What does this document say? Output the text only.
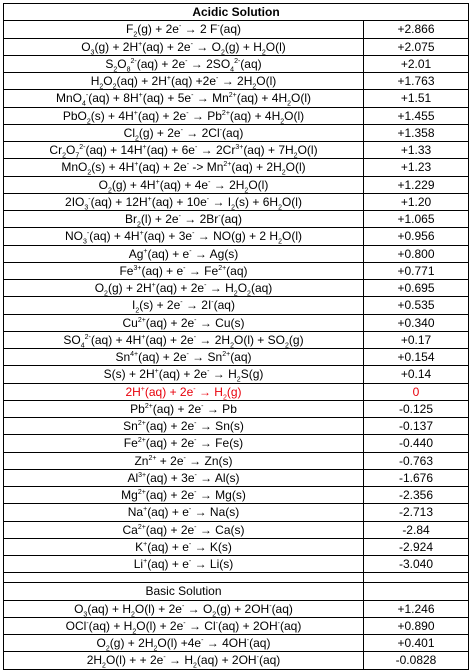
Acidic Solution	
$F_2(g) + 2e^- \to 2$ F-(aq)	+2.866
$O_3(g) + 2H^+(aq) + 2e^- \to O_2(g) + H_2O(l)$	+2.075
$S_2O_8^{2-}(aq) + 2e^- \to 2SO_4^{2-}(aq)$	+2.01
$H_2O_2(aq) + 2H^+(aq) +2e^- \to 2H_2O(l)$	+1.763
$MnO_4^-(aq) + 8H^+(aq) + 5e^- \to Mn^{2+}(aq) + 4H_2O(l)$	+1.51
$PbO_2(s) + 4H^+(aq) + 2e^- \to Pb^{2+}(aq) + 4H_2O(l)$	+1.455
$Cl_2(g) + 2e^- \to 2Cl^-(aq)$	+1.358
$Cr_2O_7^{2-}(aq) + 14H^+(aq) + 6e^- \to 2Cr^{3+}(aq) + 7H_2O(l)$	+1.33
$MnO_2(s) + 4H^+(aq) + 2e^- -> Mn^{2+}(aq) + 2H_2O(l)$	+1.23
$O_2(g) + 4H^+(aq) + 4e^- \to 2H_2O(l)$	+1.229
$2IO_3^-(aq) + 12H^+(aq) + 10e^- \to I_2(s) + 6H_2O(l)$	+1.20
$Br_2(l) + 2e^- \to 2Br^-(aq)$	+1.065
$NO_3^-(aq) + 4H^+(aq) + 3e^- \to NO(g) + 2$ $H_2O(l)$	+0.956
Ag+(aq) + e- → Ag(s)	+0.800
$Fe^{3+}(aq) + e^- \to Fe^{2+}(aq)$	+0.771
$O_2(g) + 2H^+(aq) + 2e^- \to H_2O_2(aq)$	+0.695
$I_2(s) + 2e^- \to 2I^-(aq)$	+0.535
$Cu^{2+}(aq) + 2e^- \to Cu(s)$	+0.340
$SO_4^{2-}(aq) + 4H^+(aq) + 2e^- \to 2H_2O(l) + SO_2(g)$	+0.17
$Sn^{4+}(aq) + 2e^- \to Sn^{2+}(aq)$	+0.154
$S(s) + 2H^+(aq) + 2e^- \to H_2S(g)$	+0.14
$2H^+(aq) + 2e^- \to H_2(g)$	0
$Pb^{2+}(aq) + 2e^- \to Pb$	-0.125
$Sn^{2+}(aq) + 2e^- \to Sn(s)$	-0.137
$Fe^{2+}(aq) + 2e^- \to Fe(s)$	-0.440
$Zn^{2+} + 2e^- \to Zn(s)$	-0.763
$Al^{3+}(aq) + 3e^- \to Al(s)$	-1.676
$Mg^{2+}(aq) + 2e^- \to Mg(s)$	-2.356
Na+(aq) + e- → Na(s)	-2.713
$Ca^{2+}(aq) + 2e^- \to Ca(s)$	-2.84
K+(aq) + e- → K(s)	-2.924
Li+(aq) + e- → Li(s)	-3.040

Basic Solution	
$O_3(aq) + H_2O(l) + 2e^- \to O_2(g) + 2OH^-(aq)$	+1.246
$OCl^-(aq) + H_2O(l) + 2e^- \to Cl^-(aq) + 2OH^-(aq)$	+0.890
$O_2(g) + 2H_2O(l) +4e^- \to 4OH^-(aq)$	+0.401
$2H_2O(l)$ + + $2e^- \to H_2(aq) + 2OH^-(aq)$	-0.0828
